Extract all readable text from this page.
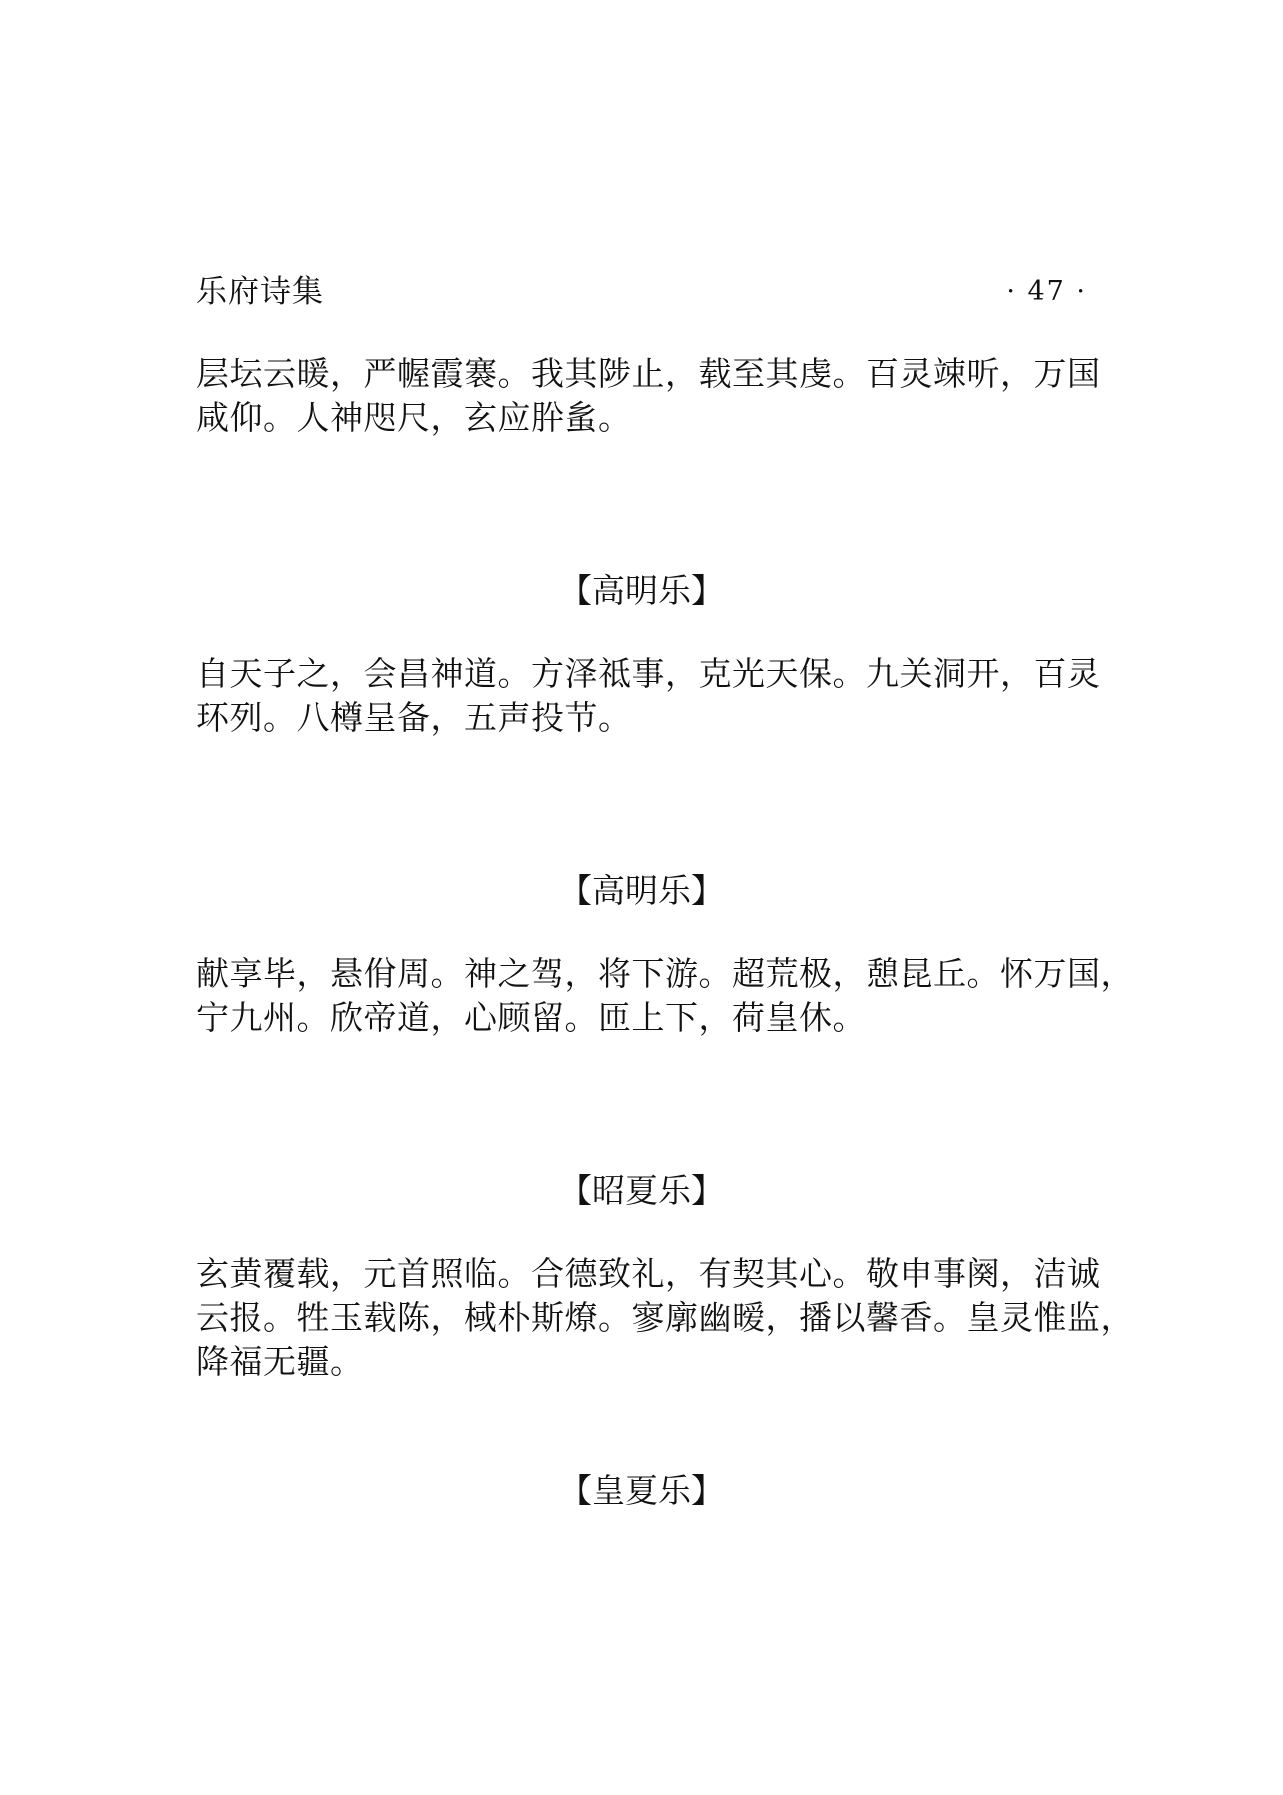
乐府诗集	· 47 ·

层坛云暖，严幄霞褰。我其陟止，载至其虔。百灵竦听，万国
咸仰。人神咫尺，玄应肸蚃。

【高明乐】

自天子之，会昌神道。方泽祗事，克光天保。九关洞开，百灵
环列。八樽呈备，五声投节。

【高明乐】

献享毕，悬佾周。神之驾，将下游。超荒极，憩昆丘。怀万国，
宁九州。欣帝道，心顾留。匝上下，荷皇休。

【昭夏乐】

玄黄覆载，元首照临。合德致礼，有契其心。敬申事阕，洁诚
云报。牲玉载陈，棫朴斯燎。寥廓幽暧，播以馨香。皇灵惟监，
降福无疆。

【皇夏乐】
